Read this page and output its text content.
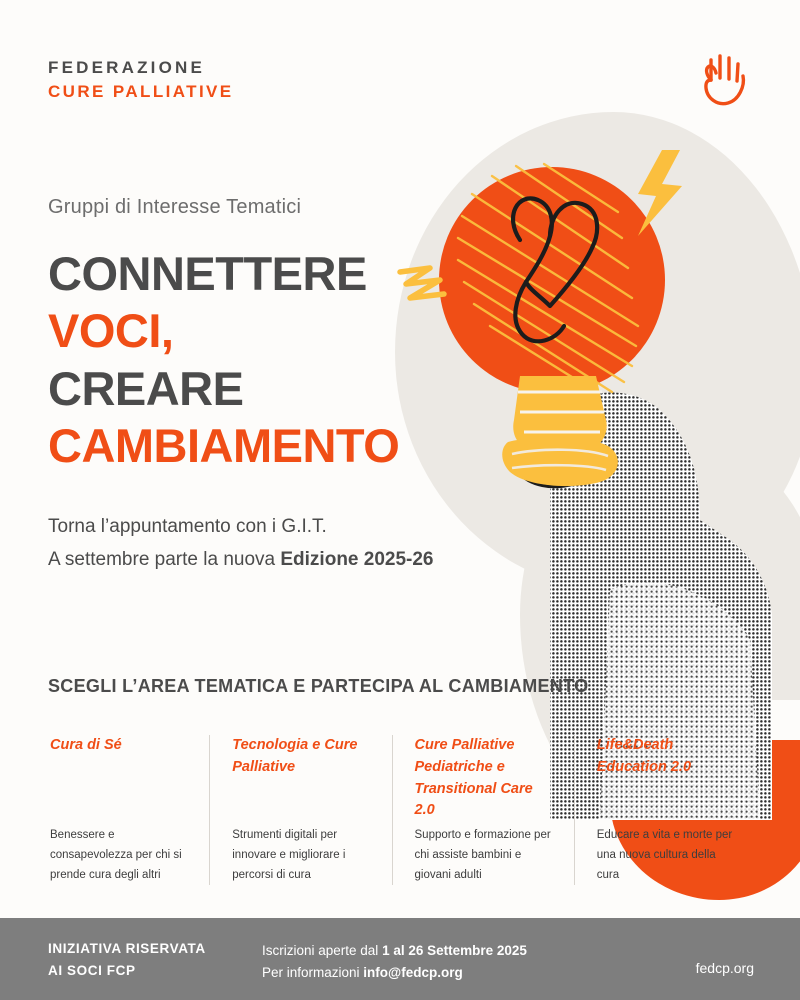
FEDERAZIONE
CURE PALLIATIVE
Gruppi di Interesse Tematici
CONNETTERE
VOCI,
CREARE
CAMBIAMENTO
Torna l’appuntamento con i G.I.T.
A settembre parte la nuova Edizione 2025-26
SCEGLI L’AREA TEMATICA E PARTECIPA AL CAMBIAMENTO
Cura di Sé
Benessere e consapevolezza per chi si prende cura degli altri
Tecnologia e Cure Palliative
Strumenti digitali per innovare e migliorare i percorsi di cura
Cure Palliative Pediatriche e Transitional Care 2.0
Supporto e formazione per chi assiste bambini e giovani adulti
Life&Death Education 2.0
Educare a vita e morte per una nuova cultura della cura
INIZIATIVA RISERVATA
AI SOCI FCP
Iscrizioni aperte dal 1 al 26 Settembre 2025
Per informazioni info@fedcp.org	fedcp.org
